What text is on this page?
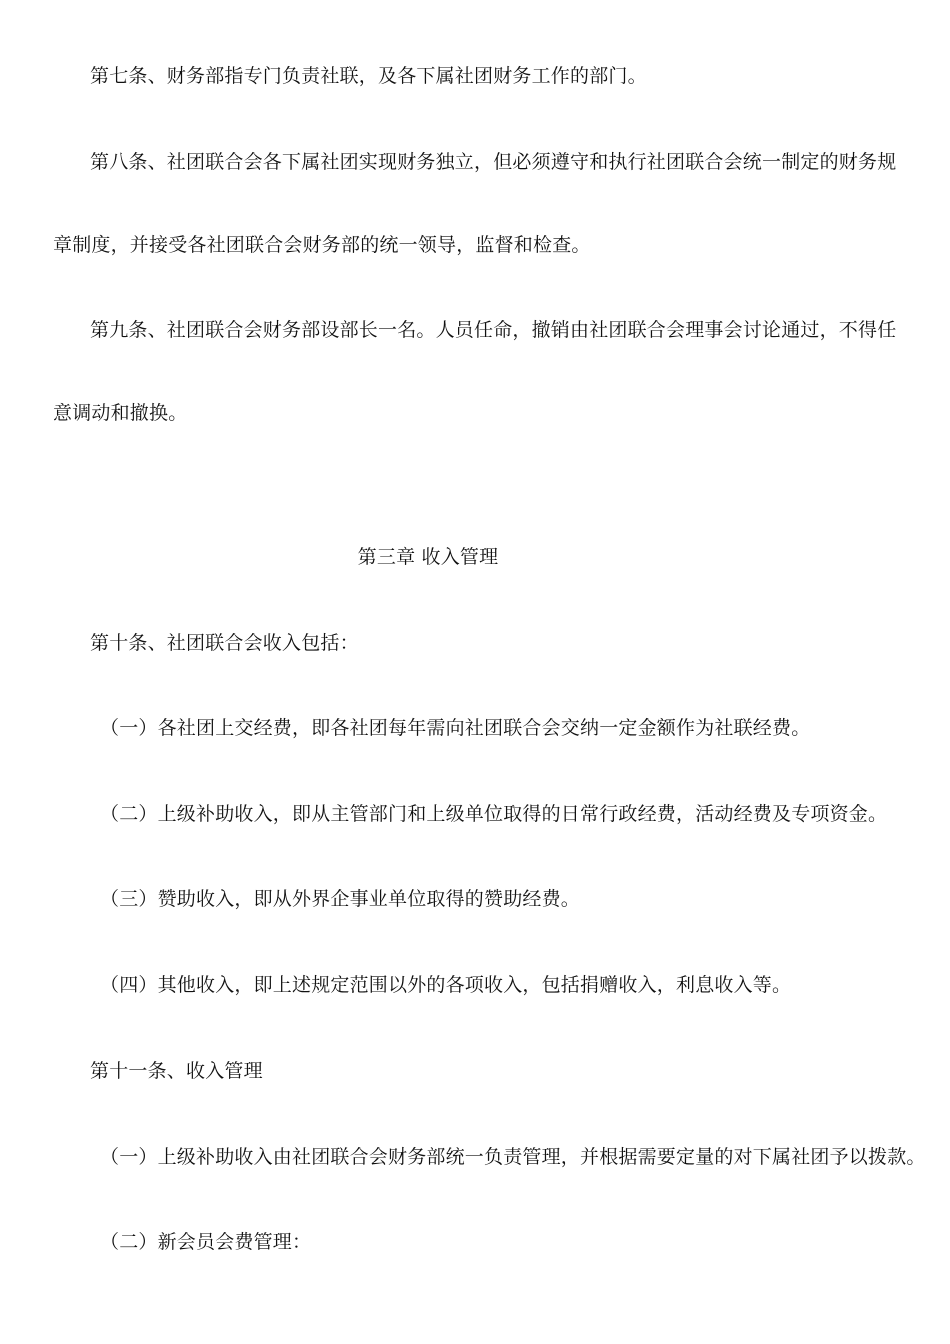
第七条、财务部指专门负责社联，及各下属社团财务工作的部门。
第八条、社团联合会各下属社团实现财务独立，但必须遵守和执行社团联合会统一制定的财务规
章制度，并接受各社团联合会财务部的统一领导，监督和检查。
第九条、社团联合会财务部设部长一名。人员任命，撤销由社团联合会理事会讨论通过，不得任
意调动和撤换。
第三章 收入管理
第十条、社团联合会收入包括：
（一）各社团上交经费，即各社团每年需向社团联合会交纳一定金额作为社联经费。
（二）上级补助收入，即从主管部门和上级单位取得的日常行政经费，活动经费及专项资金。
（三）赞助收入，即从外界企事业单位取得的赞助经费。
（四）其他收入，即上述规定范围以外的各项收入，包括捐赠收入，利息收入等。
第十一条、收入管理
（一）上级补助收入由社团联合会财务部统一负责管理，并根据需要定量的对下属社团予以拨款。
（二）新会员会费管理：
